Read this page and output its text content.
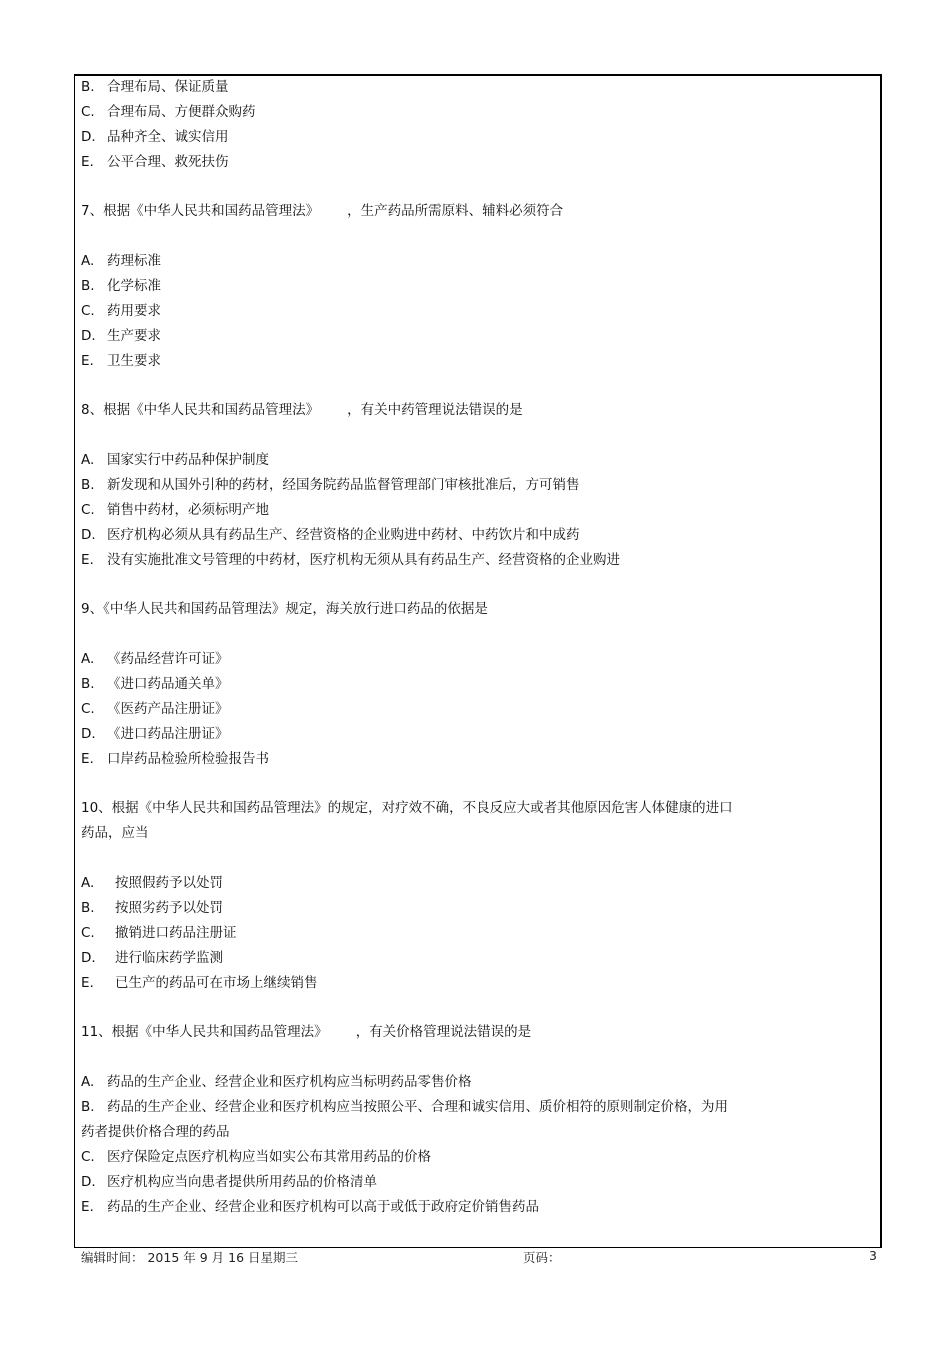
B. 合理布局、保证质量
C. 合理布局、方便群众购药
D. 品种齐全、诚实信用
E. 公平合理、救死扶伤
7、根据《中华人民共和国药品管理法》 ，生产药品所需原料、辅料必须符合
A. 药理标准
B. 化学标准
C. 药用要求
D. 生产要求
E. 卫生要求
8、根据《中华人民共和国药品管理法》 ，有关中药管理说法错误的是
A. 国家实行中药品种保护制度
B. 新发现和从国外引种的药材，经国务院药品监督管理部门审核批准后，方可销售
C. 销售中药材，必须标明产地
D. 医疗机构必须从具有药品生产、经营资格的企业购进中药材、中药饮片和中成药
E. 没有实施批准文号管理的中药材，医疗机构无须从具有药品生产、经营资格的企业购进
9、《中华人民共和国药品管理法》规定，海关放行进口药品的依据是
A. 《药品经营许可证》
B. 《进口药品通关单》
C. 《医药产品注册证》
D. 《进口药品注册证》
E. 口岸药品检验所检验报告书
10、根据《中华人民共和国药品管理法》的规定，对疗效不确，不良反应大或者其他原因危害人体健康的进口
药品，应当
A. 按照假药予以处罚
B. 按照劣药予以处罚
C. 撤销进口药品注册证
D. 进行临床药学监测
E. 已生产的药品可在市场上继续销售
11、根据《中华人民共和国药品管理法》 ，有关价格管理说法错误的是
A. 药品的生产企业、经营企业和医疗机构应当标明药品零售价格
B. 药品的生产企业、经营企业和医疗机构应当按照公平、合理和诚实信用、质价相符的原则制定价格，为用
药者提供价格合理的药品
C. 医疗保险定点医疗机构应当如实公布其常用药品的价格
D. 医疗机构应当向患者提供所用药品的价格清单
E. 药品的生产企业、经营企业和医疗机构可以高于或低于政府定价销售药品
编辑时间： 2015 年 9 月 16 日星期三	页码：	3
